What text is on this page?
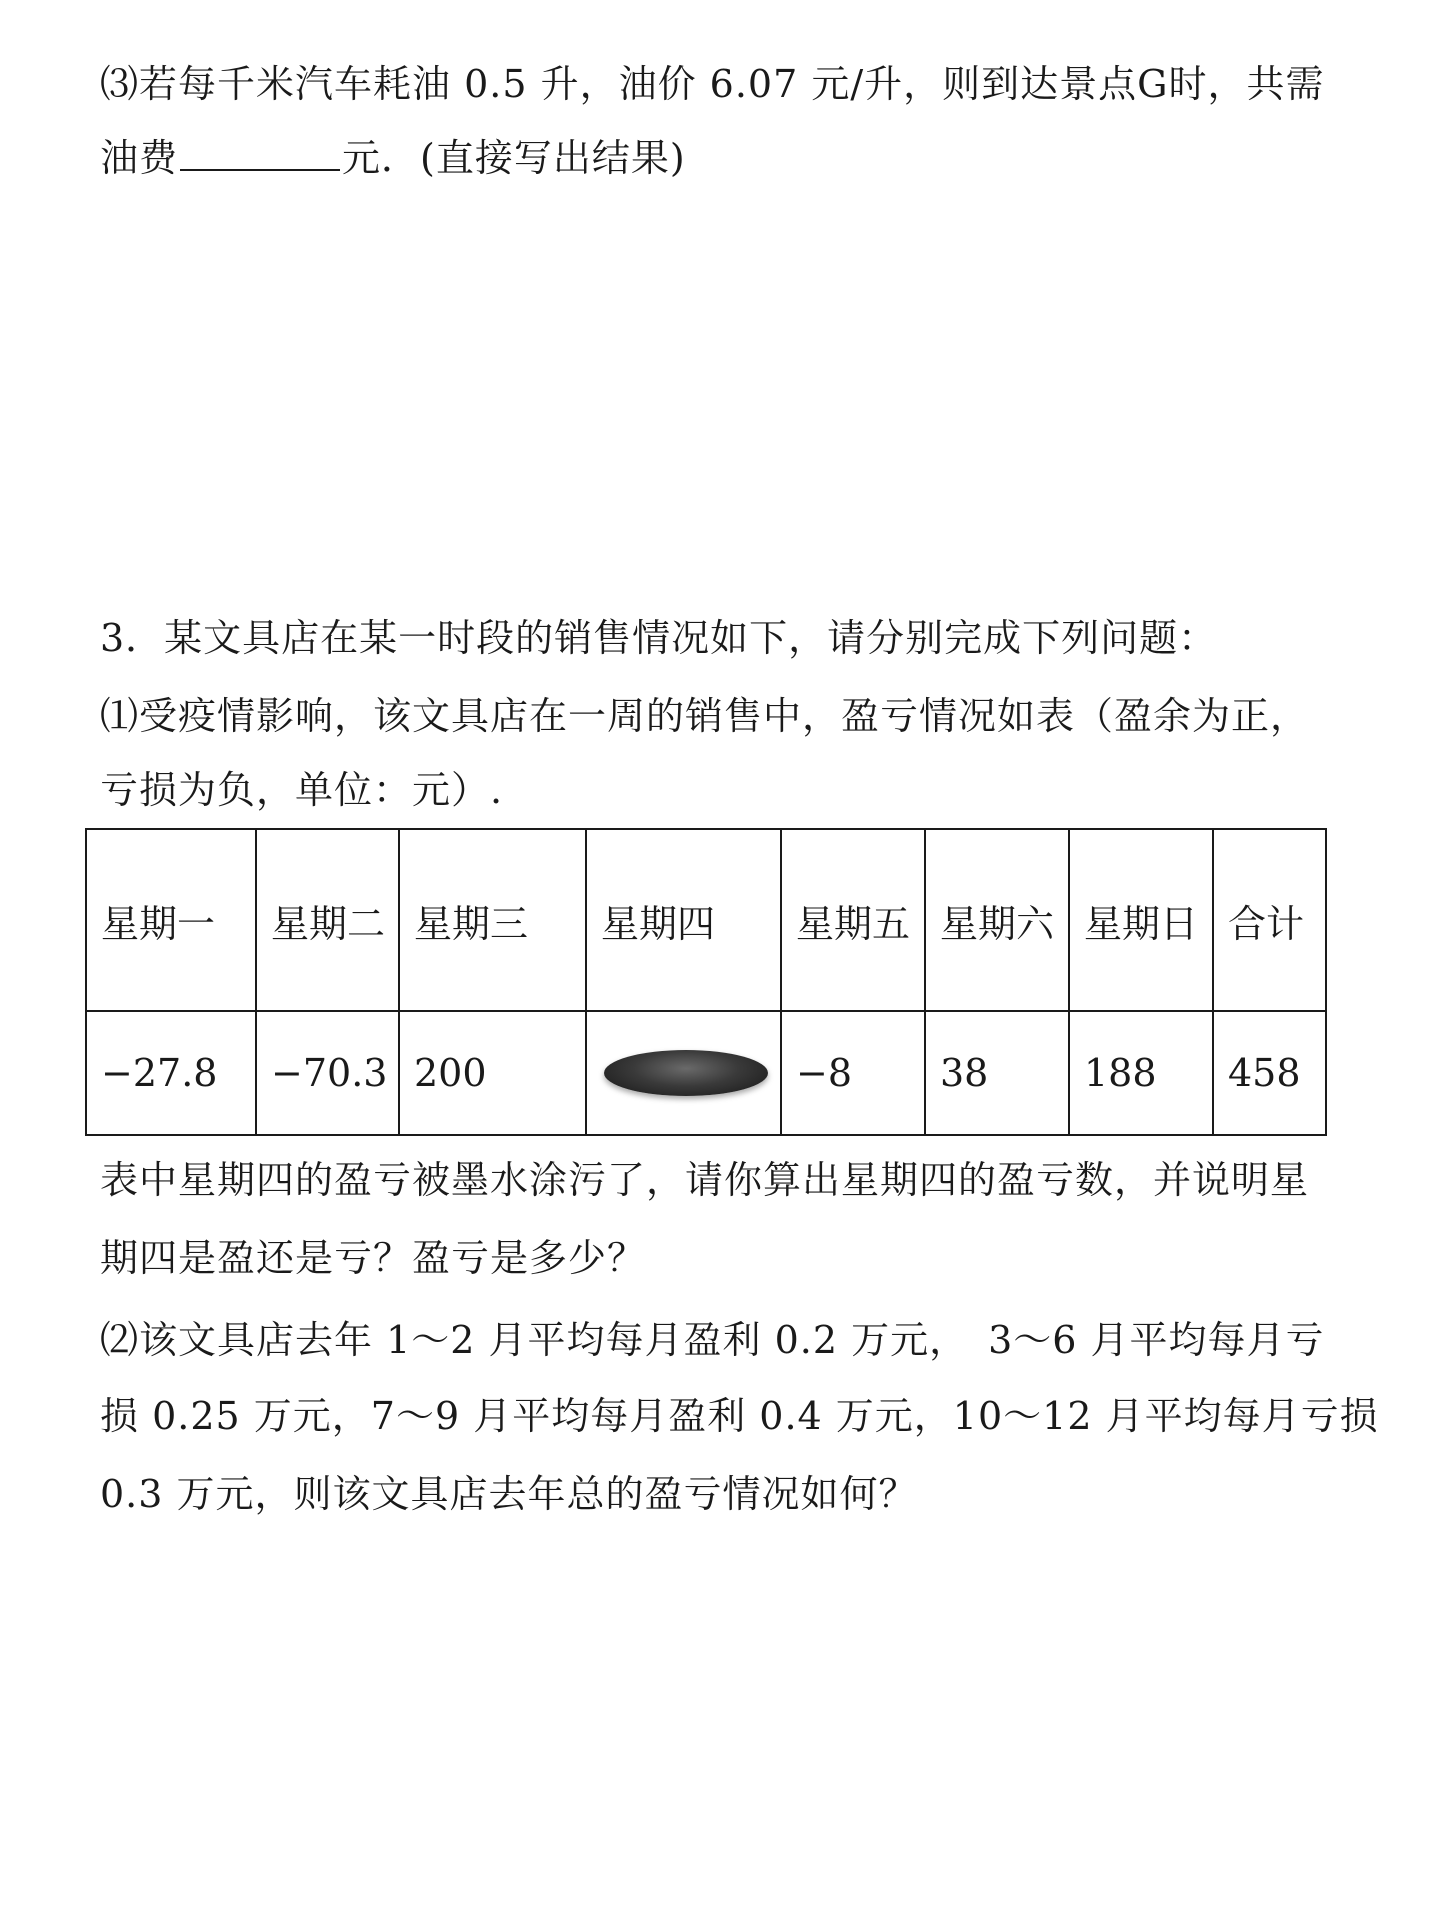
⑶若每千米汽车耗油 0.5 升，油价 6.07 元/升，则到达景点G时，共需
油费	元．(直接写出结果)
3．某文具店在某一时段的销售情况如下，请分别完成下列问题：
⑴受疫情影响，该文具店在一周的销售中，盈亏情况如表（盈余为正，
亏损为负，单位：元）.
星期一	星期二	星期三	星期四	星期五	星期六	星期日	合计
−27.8	−70.3	200		−8	38	188	458
表中星期四的盈亏被墨水涂污了，请你算出星期四的盈亏数，并说明星
期四是盈还是亏？盈亏是多少？
⑵该文具店去年 1～2 月平均每月盈利 0.2 万元，　3～6 月平均每月亏
损 0.25 万元，7～9 月平均每月盈利 0.4 万元，10～12 月平均每月亏损
0.3 万元，则该文具店去年总的盈亏情况如何？
